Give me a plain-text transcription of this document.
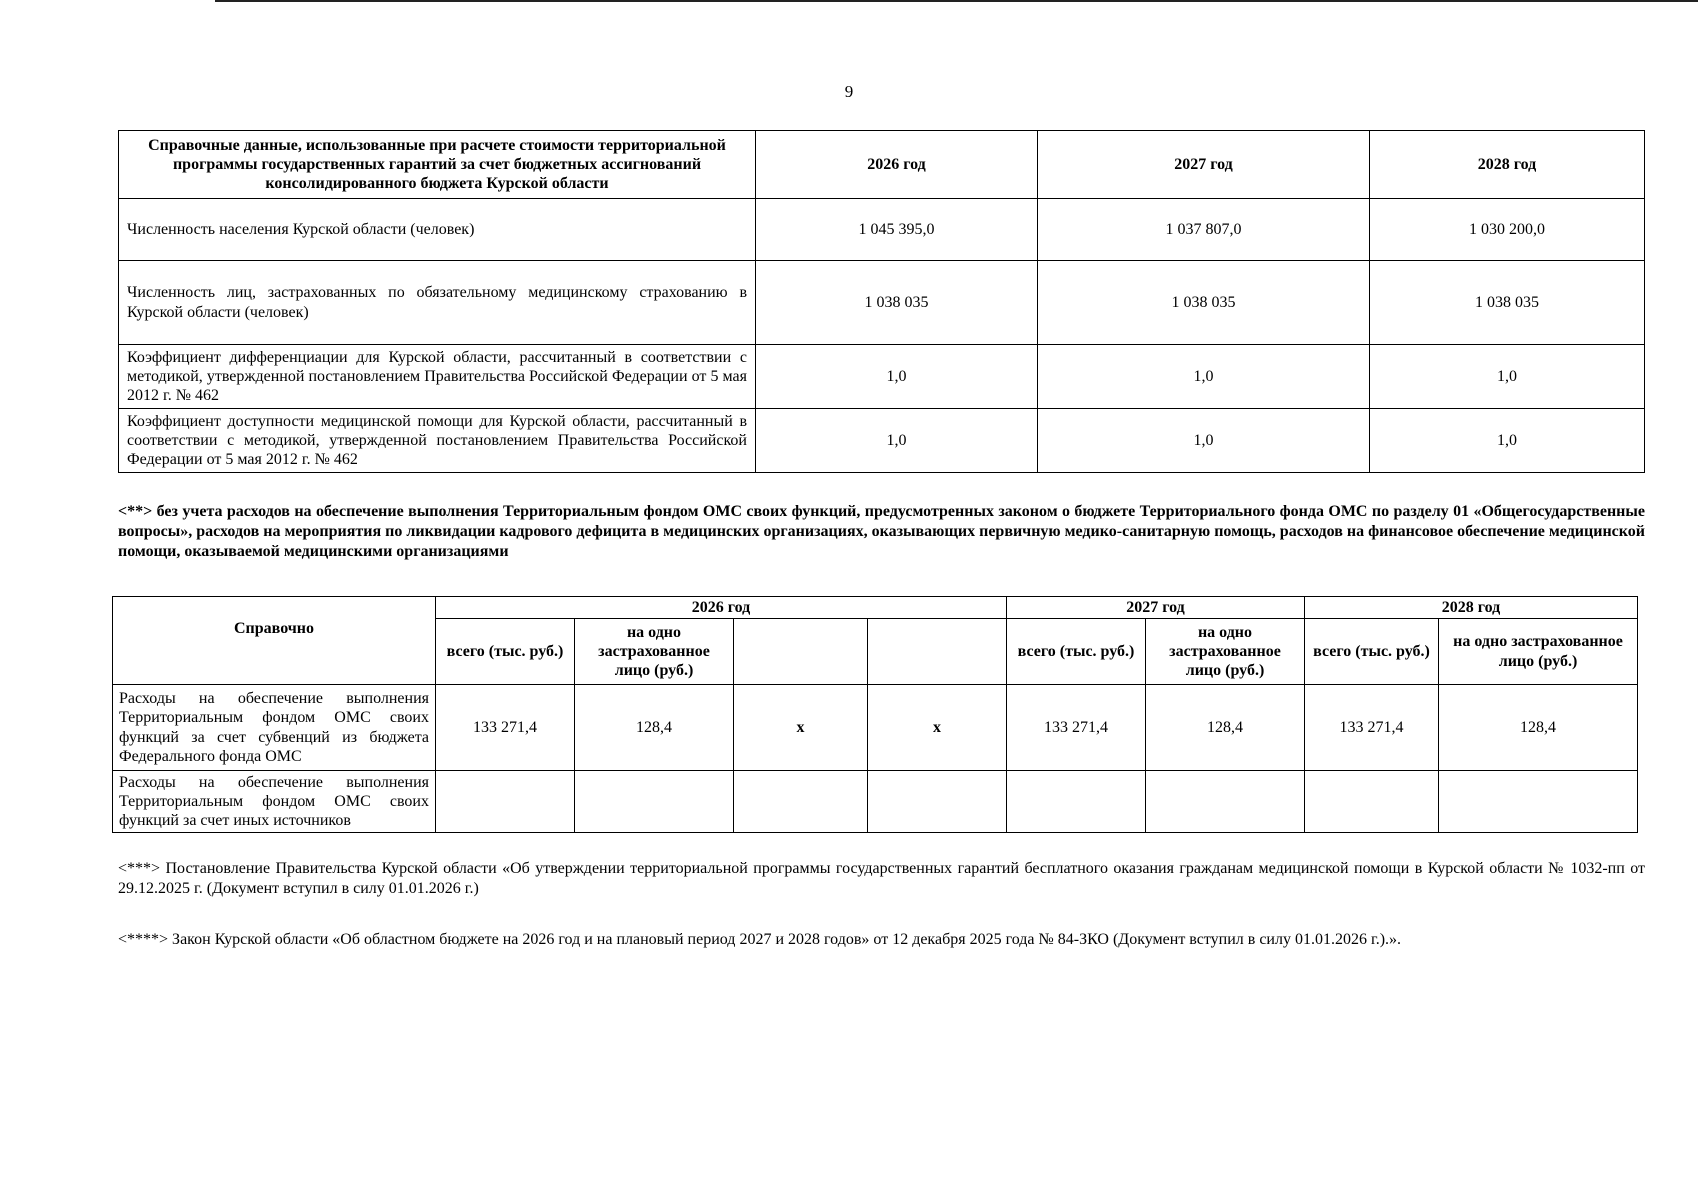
9
Справочные данные, использованные при расчете стоимости территориальной программы государственных гарантий за счет бюджетных ассигнований консолидированного бюджета Курской области	2026 год	2027 год	2028 год
Численность населения Курской области (человек)	1 045 395,0	1 037 807,0	1 030 200,0
Численность лиц, застрахованных по обязательному медицинскому страхованию в Курской области (человек)	1 038 035	1 038 035	1 038 035
Коэффициент дифференциации для Курской области, рассчитанный в соответствии с методикой, утвержденной постановлением Правительства Российской Федерации от 5 мая 2012 г. № 462	1,0	1,0	1,0
Коэффициент доступности медицинской помощи для Курской области, рассчитанный в соответствии с методикой, утвержденной постановлением Правительства Российской Федерации от 5 мая 2012 г. № 462	1,0	1,0	1,0
<**> без учета расходов на обеспечение выполнения Территориальным фондом ОМС своих функций, предусмотренных законом о бюджете Территориального фонда ОМС по разделу 01 «Общегосударственные вопросы», расходов на мероприятия по ликвидации кадрового дефицита в медицинских организациях, оказывающих первичную медико-санитарную помощь, расходов на финансовое обеспечение медицинской помощи, оказываемой медицинскими организациями
Справочно	2026 год				2027 год		2028 год	
	всего (тыс. руб.)	на одно застрахованное лицо (руб.)			всего (тыс. руб.)	на одно застрахованное лицо (руб.)	всего (тыс. руб.)	на одно застрахованное лицо (руб.)
Расходы на обеспечение выполнения Территориальным фондом ОМС своих функций за счет субвенций из бюджета Федерального фонда ОМС	133 271,4	128,4	x	x	133 271,4	128,4	133 271,4	128,4
Расходы на обеспечение выполнения Территориальным фондом ОМС своих функций за счет иных источников								
<***> Постановление Правительства Курской области «Об утверждении территориальной программы государственных гарантий бесплатного оказания гражданам медицинской помощи в Курской области № 1032-пп от 29.12.2025 г. (Документ вступил в силу 01.01.2026 г.)
<****> Закон Курской области «Об областном бюджете на 2026 год и на плановый период 2027 и 2028 годов» от 12 декабря 2025 года № 84-ЗКО (Документ вступил в силу 01.01.2026 г.).».
